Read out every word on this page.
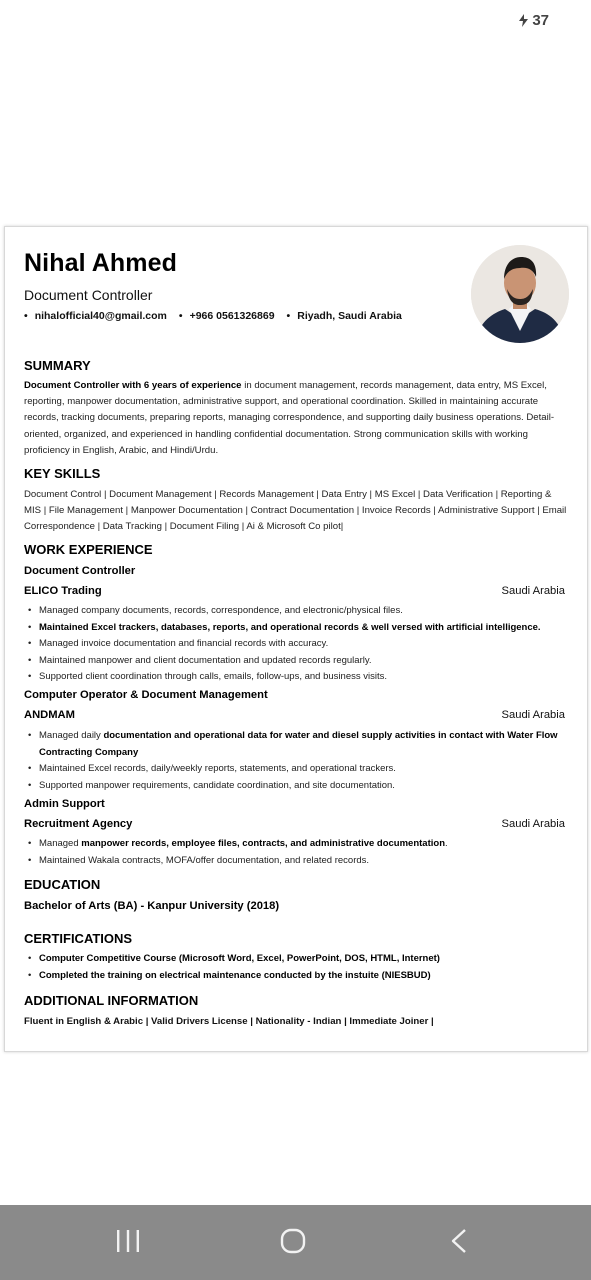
37
Nihal Ahmed
Document Controller
• nihalofficial40@gmail.com	• +966 0561326869	• Riyadh, Saudi Arabia
SUMMARY
Document Controller with 6 years of experience in document management, records management, data entry, MS Excel, reporting, manpower documentation, administrative support, and operational coordination. Skilled in maintaining accurate records, tracking documents, preparing reports, managing correspondence, and supporting daily business operations. Detail-oriented, organized, and experienced in handling confidential documentation. Strong communication skills with working proficiency in English, Arabic, and Hindi/Urdu.
KEY SKILLS
Document Control | Document Management | Records Management | Data Entry | MS Excel | Data Verification | Reporting & MIS | File Management | Manpower Documentation | Contract Documentation | Invoice Records | Administrative Support | Email Correspondence | Data Tracking | Document Filing | Ai & Microsoft Co pilot|
WORK EXPERIENCE
Document Controller
ELICO Trading	Saudi Arabia
• Managed company documents, records, correspondence, and electronic/physical files.
• Maintained Excel trackers, databases, reports, and operational records & well versed with artificial intelligence.
• Managed invoice documentation and financial records with accuracy.
• Maintained manpower and client documentation and updated records regularly.
• Supported client coordination through calls, emails, follow-ups, and business visits.
Computer Operator & Document Management
ANDMAM	Saudi Arabia
• Managed daily documentation and operational data for water and diesel supply activities in contact with Water Flow Contracting Company
• Maintained Excel records, daily/weekly reports, statements, and operational trackers.
• Supported manpower requirements, candidate coordination, and site documentation.
Admin Support
Recruitment Agency	Saudi Arabia
• Managed manpower records, employee files, contracts, and administrative documentation.
• Maintained Wakala contracts, MOFA/offer documentation, and related records.
EDUCATION
Bachelor of Arts (BA) - Kanpur University (2018)
CERTIFICATIONS
• Computer Competitive Course (Microsoft Word, Excel, PowerPoint, DOS, HTML, Internet)
• Completed the training on electrical maintenance conducted by the instuite (NIESBUD)
ADDITIONAL INFORMATION
Fluent in English & Arabic | Valid Drivers License | Nationality - Indian | Immediate Joiner |
